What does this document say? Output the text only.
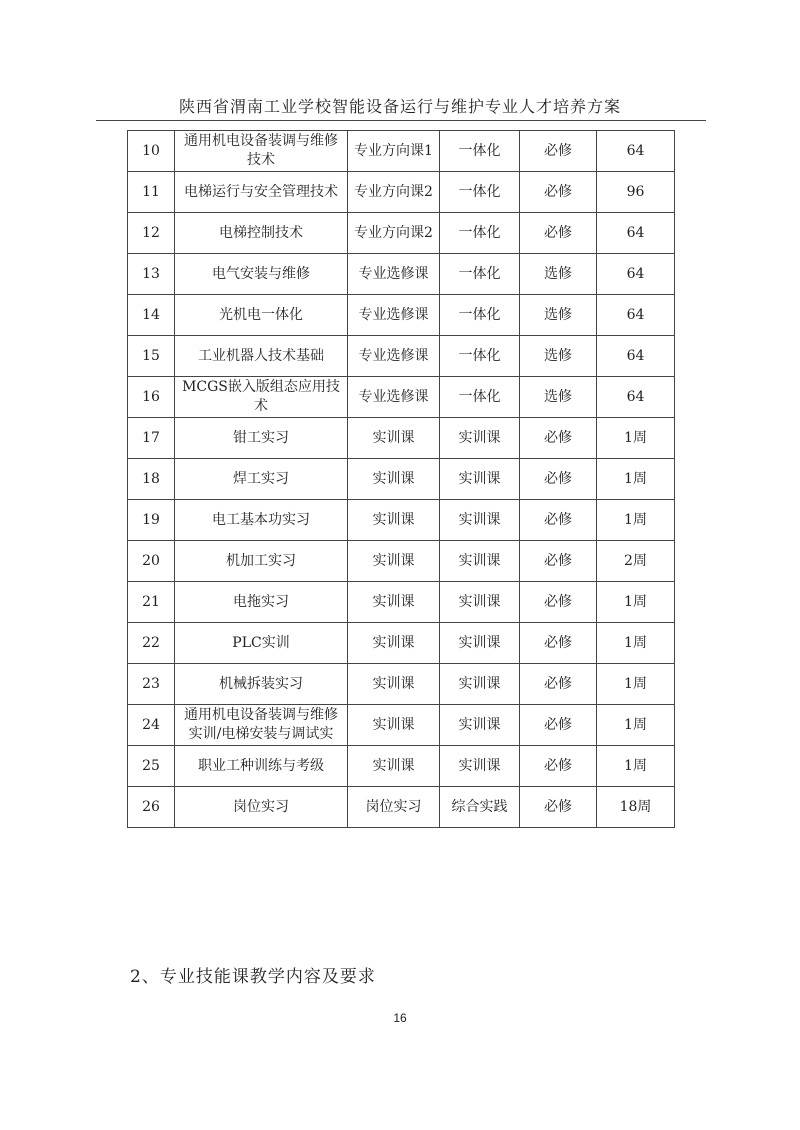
陕西省渭南工业学校智能设备运行与维护专业人才培养方案
10	通用机电设备装调与维修技术	专业方向课1	一体化	必修	64
11	电梯运行与安全管理技术	专业方向课2	一体化	必修	96
12	电梯控制技术	专业方向课2	一体化	必修	64
13	电气安装与维修	专业选修课	一体化	选修	64
14	光机电一体化	专业选修课	一体化	选修	64
15	工业机器人技术基础	专业选修课	一体化	选修	64
16	MCGS嵌入版组态应用技术	专业选修课	一体化	选修	64
17	钳工实习	实训课	实训课	必修	1周
18	焊工实习	实训课	实训课	必修	1周
19	电工基本功实习	实训课	实训课	必修	1周
20	机加工实习	实训课	实训课	必修	2周
21	电拖实习	实训课	实训课	必修	1周
22	PLC实训	实训课	实训课	必修	1周
23	机械拆装实习	实训课	实训课	必修	1周
24	通用机电设备装调与维修实训/电梯安装与调试实	实训课	实训课	必修	1周
25	职业工种训练与考级	实训课	实训课	必修	1周
26	岗位实习	岗位实习	综合实践	必修	18周
2、专业技能课教学内容及要求
16
